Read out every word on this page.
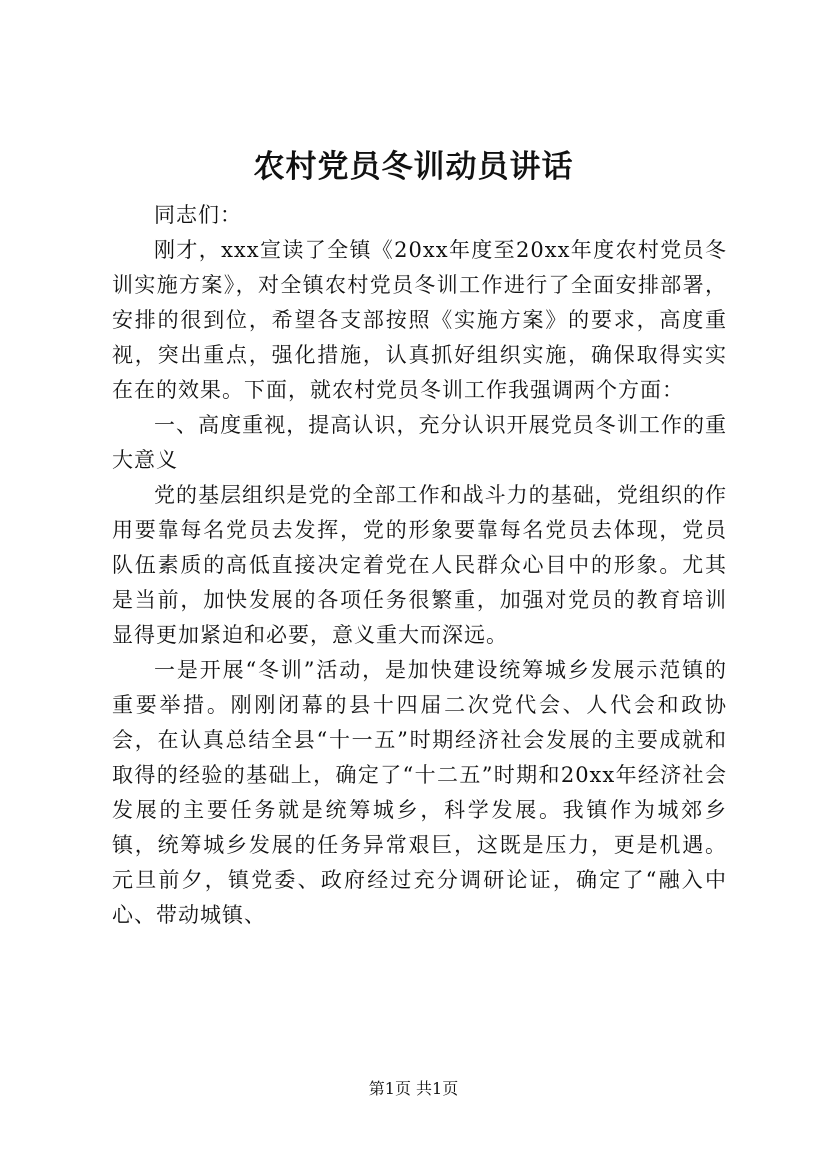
农村党员冬训动员讲话

同志们：

刚才，xxx宣读了全镇《20xx年度至20xx年度农村党员冬训实施方案》，对全镇农村党员冬训工作进行了全面安排部署，安排的很到位，希望各支部按照《实施方案》的要求，高度重视，突出重点，强化措施，认真抓好组织实施，确保取得实实在在的效果。下面，就农村党员冬训工作我强调两个方面：

一、高度重视，提高认识，充分认识开展党员冬训工作的重大意义

党的基层组织是党的全部工作和战斗力的基础，党组织的作用要靠每名党员去发挥，党的形象要靠每名党员去体现，党员队伍素质的高低直接决定着党在人民群众心目中的形象。尤其是当前，加快发展的各项任务很繁重，加强对党员的教育培训显得更加紧迫和必要，意义重大而深远。

一是开展“冬训”活动，是加快建设统筹城乡发展示范镇的重要举措。刚刚闭幕的县十四届二次党代会、人代会和政协会，在认真总结全县“十一五”时期经济社会发展的主要成就和取得的经验的基础上，确定了“十二五”时期和20xx年经济社会发展的主要任务就是统筹城乡，科学发展。我镇作为城郊乡镇，统筹城乡发展的任务异常艰巨，这既是压力，更是机遇。元旦前夕，镇党委、政府经过充分调研论证，确定了“融入中心、带动城镇、

第1页 共1页
